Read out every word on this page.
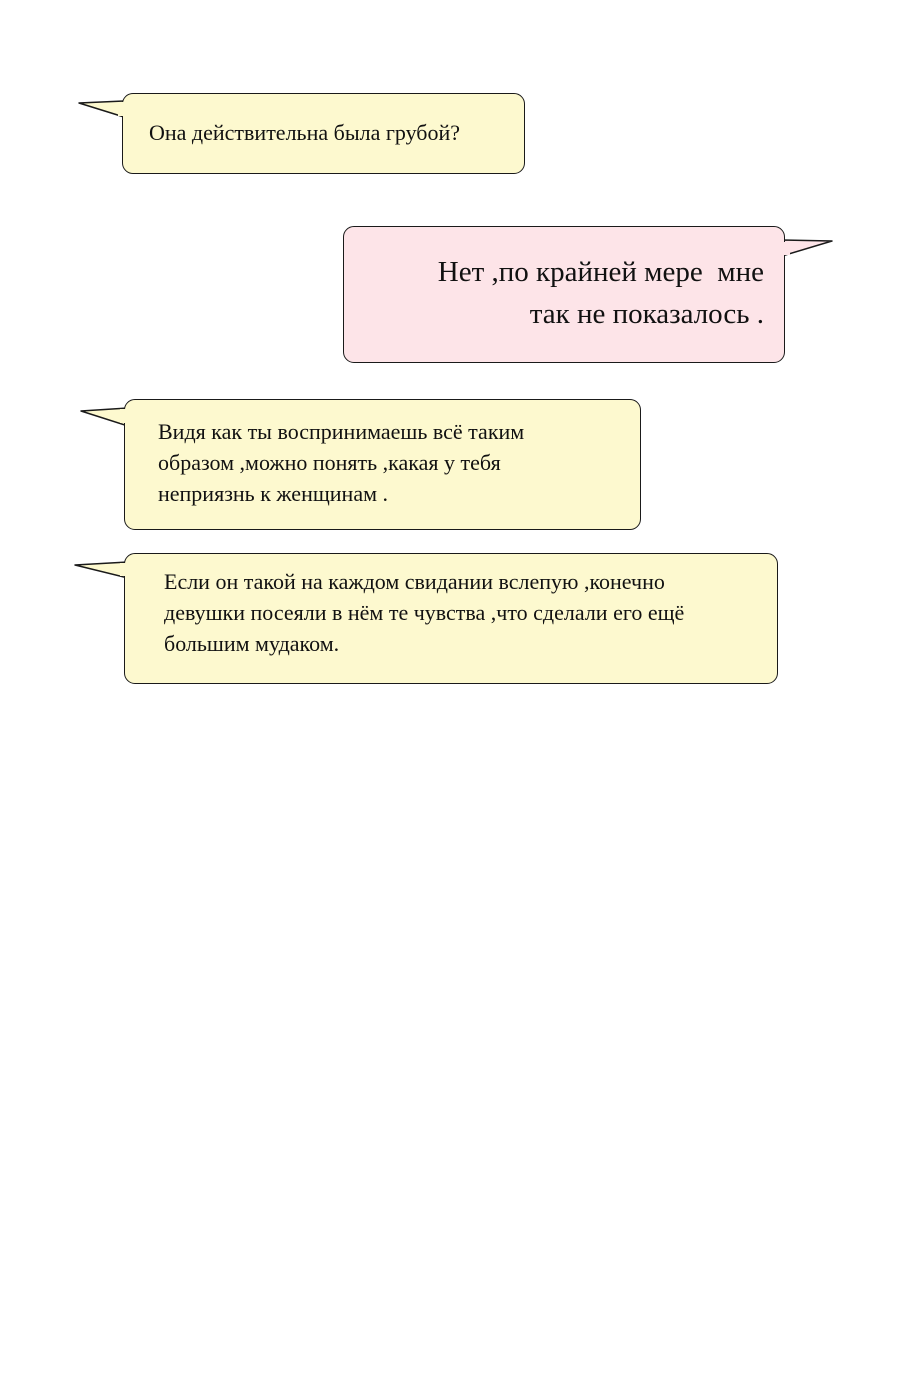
Она действительна была грубой?
Нет ,по крайней мере  мне
так не показалось .
Видя как ты воспринимаешь всё таким
образом ,можно понять ,какая у тебя
неприязнь к женщинам .
Если он такой на каждом свидании вслепую ,конечно
девушки посеяли в нём те чувства ,что сделали его ещё
большим мудаком.
